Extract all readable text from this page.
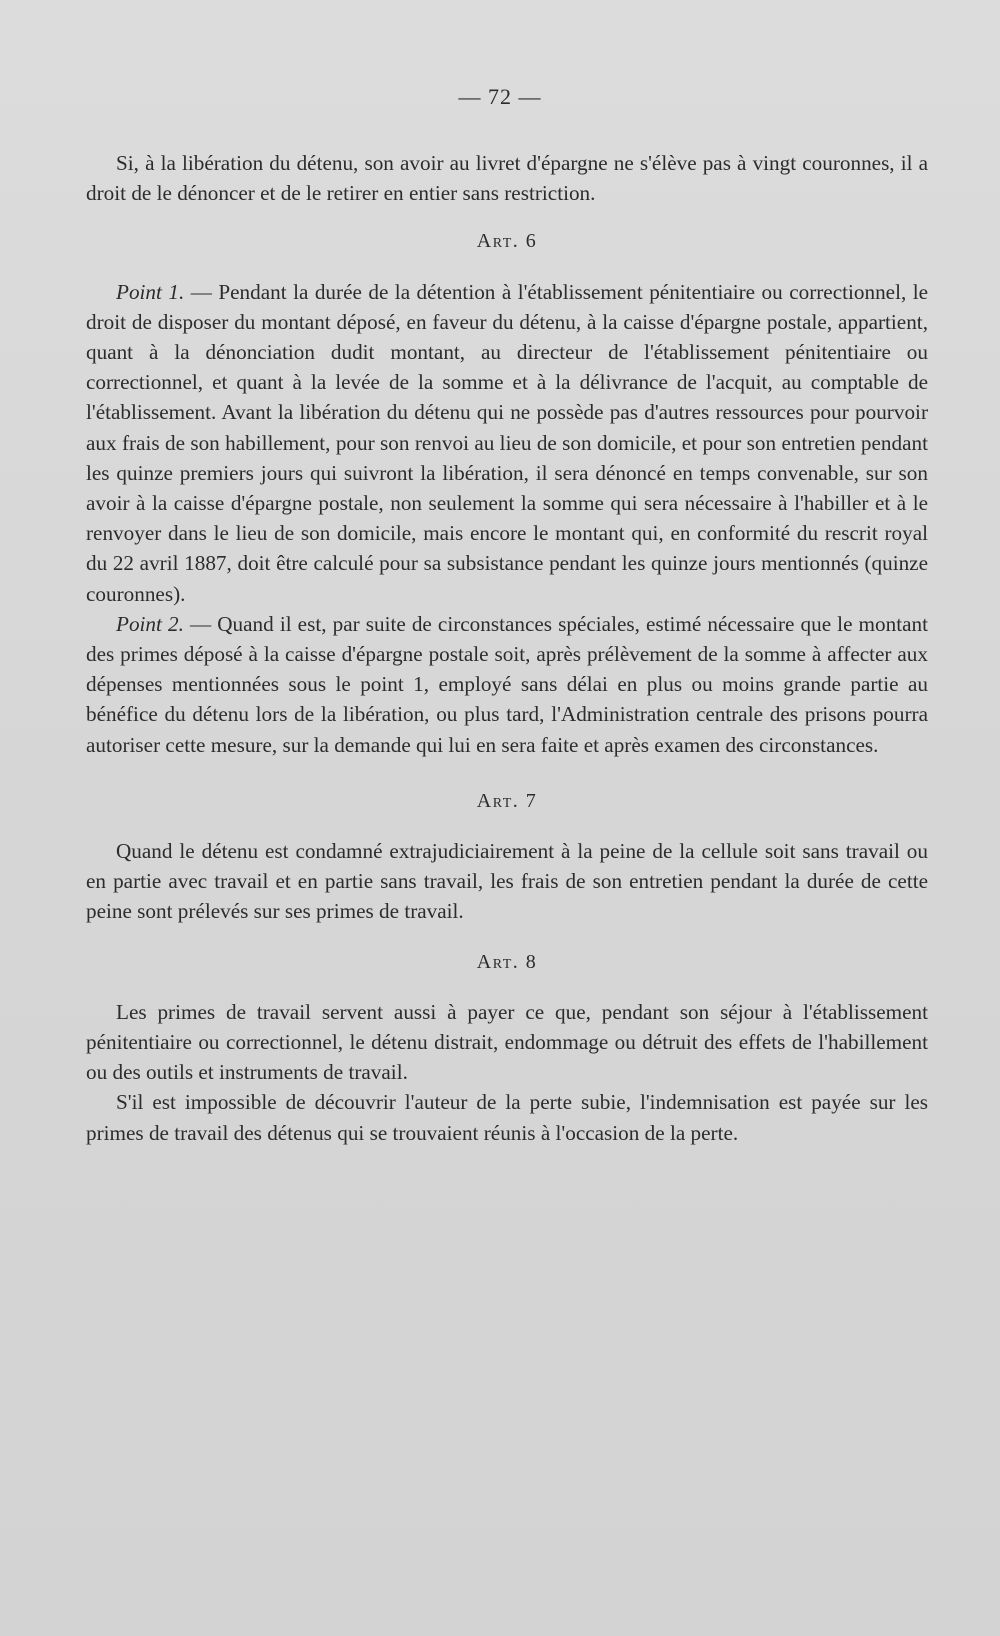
— 72 —

Si, à la libération du détenu, son avoir au livret d'épargne ne s'élève pas à vingt couronnes, il a droit de le dénoncer et de le retirer en entier sans restriction.

Art. 6

Point 1. — Pendant la durée de la détention à l'établissement pénitentiaire ou correctionnel, le droit de disposer du montant déposé, en faveur du détenu, à la caisse d'épargne postale, appartient, quant à la dénonciation dudit montant, au directeur de l'établissement pénitentiaire ou correctionnel, et quant à la levée de la somme et à la délivrance de l'acquit, au comptable de l'établissement. Avant la libération du détenu qui ne possède pas d'autres ressources pour pourvoir aux frais de son habillement, pour son renvoi au lieu de son domicile, et pour son entretien pendant les quinze premiers jours qui suivront la libération, il sera dénoncé en temps convenable, sur son avoir à la caisse d'épargne postale, non seulement la somme qui sera nécessaire à l'habiller et à le renvoyer dans le lieu de son domicile, mais encore le montant qui, en conformité du rescrit royal du 22 avril 1887, doit être calculé pour sa subsistance pendant les quinze jours mentionnés (quinze couronnes).

Point 2. — Quand il est, par suite de circonstances spéciales, estimé nécessaire que le montant des primes déposé à la caisse d'épargne postale soit, après prélèvement de la somme à affecter aux dépenses mentionnées sous le point 1, employé sans délai en plus ou moins grande partie au bénéfice du détenu lors de la libération, ou plus tard, l'Administration centrale des prisons pourra autoriser cette mesure, sur la demande qui lui en sera faite et après examen des circonstances.

Art. 7

Quand le détenu est condamné extrajudiciairement à la peine de la cellule soit sans travail ou en partie avec travail et en partie sans travail, les frais de son entretien pendant la durée de cette peine sont prélevés sur ses primes de travail.

Art. 8

Les primes de travail servent aussi à payer ce que, pendant son séjour à l'établissement pénitentiaire ou correctionnel, le détenu distrait, endommage ou détruit des effets de l'habillement ou des outils et instruments de travail.

S'il est impossible de découvrir l'auteur de la perte subie, l'indemnisation est payée sur les primes de travail des détenus qui se trouvaient réunis à l'occasion de la perte.
